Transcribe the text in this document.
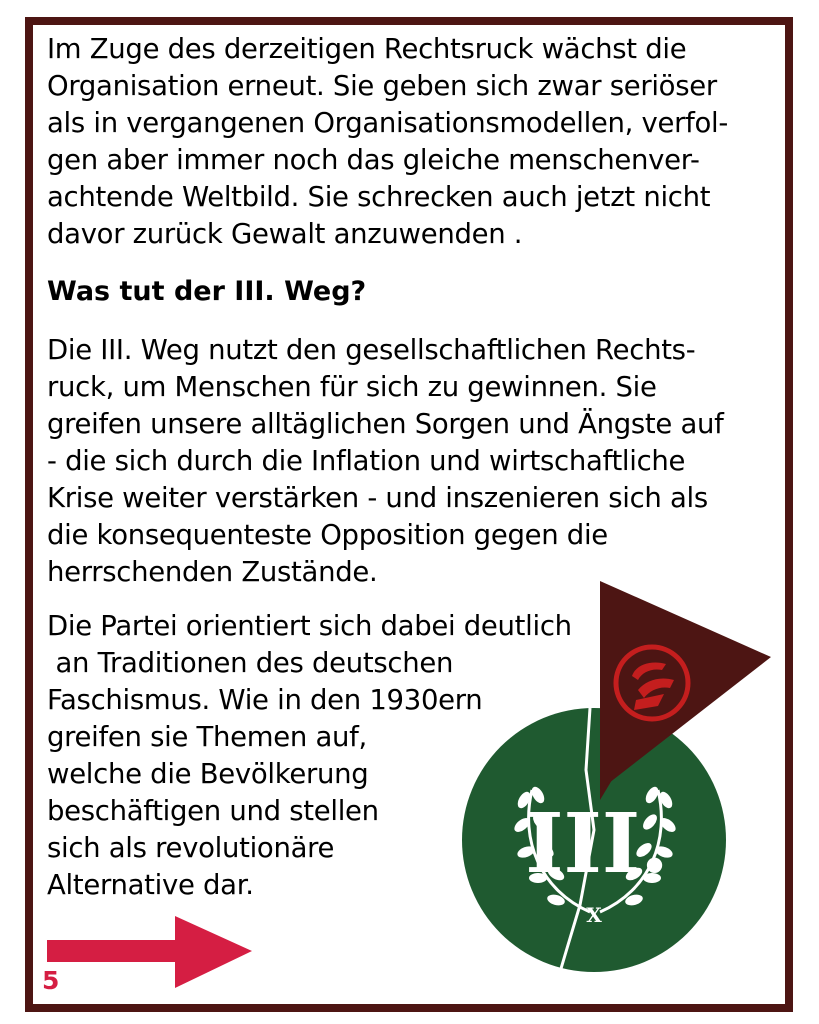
Im Zuge des derzeitigen Rechtsruck wächst die
Organisation erneut. Sie geben sich zwar seriöser
als in vergangenen Organisationsmodellen, verfol-
gen aber immer noch das gleiche menschenver-
achtende Weltbild. Sie schrecken auch jetzt nicht
davor zurück Gewalt anzuwenden .
Was tut der III. Weg?
Die III. Weg nutzt den gesellschaftlichen Rechts-
ruck, um Menschen für sich zu gewinnen. Sie
greifen unsere alltäglichen Sorgen und Ängste auf
- die sich durch die Inflation und wirtschaftliche
Krise weiter verstärken - und inszenieren sich als
die konsequenteste Opposition gegen die
herrschenden Zustände.
III.
X
Die Partei orientiert sich dabei deutlich
an Traditionen des deutschen
Faschismus. Wie in den 1930ern
greifen sie Themen auf,
welche die Bevölkerung
beschäftigen und stellen
sich als revolutionäre
Alternative dar.
5
